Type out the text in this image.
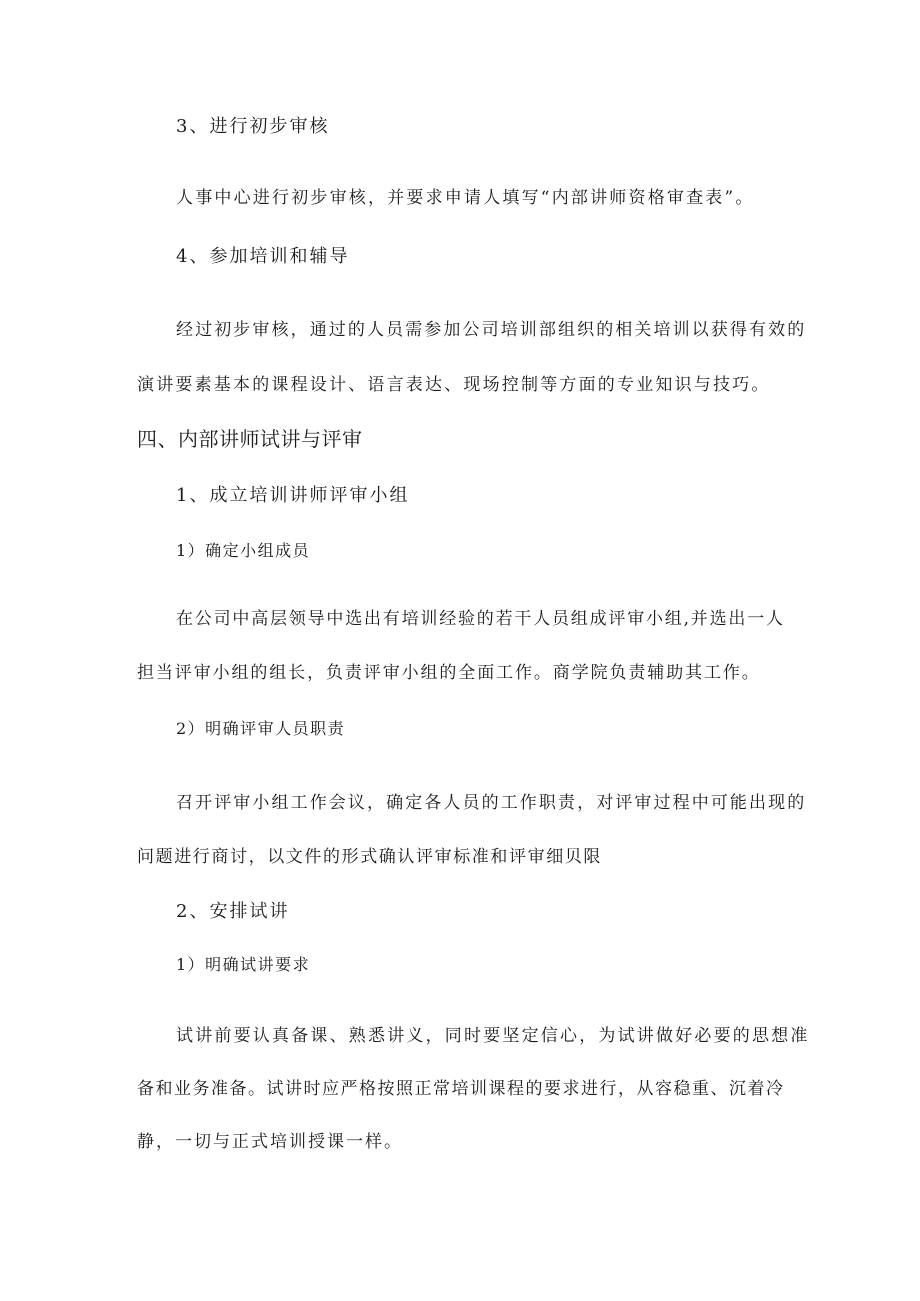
3、进行初步审核
人事中心进行初步审核，并要求申请人填写“内部讲师资格审查表”。
4、参加培训和辅导
经过初步审核，通过的人员需参加公司培训部组织的相关培训以获得有效的
演讲要素基本的课程设计、语言表达、现场控制等方面的专业知识与技巧。
四、内部讲师试讲与评审
1、成立培训讲师评审小组
1）确定小组成员
在公司中高层领导中选出有培训经验的若干人员组成评审小组,并选出一人
担当评审小组的组长，负责评审小组的全面工作。商学院负责辅助其工作。
2）明确评审人员职责
召开评审小组工作会议，确定各人员的工作职责，对评审过程中可能出现的
问题进行商讨，以文件的形式确认评审标准和评审细贝限
2、安排试讲
1）明确试讲要求
试讲前要认真备课、熟悉讲义，同时要坚定信心，为试讲做好必要的思想准
备和业务准备。试讲时应严格按照正常培训课程的要求进行，从容稳重、沉着冷
静，一切与正式培训授课一样。
